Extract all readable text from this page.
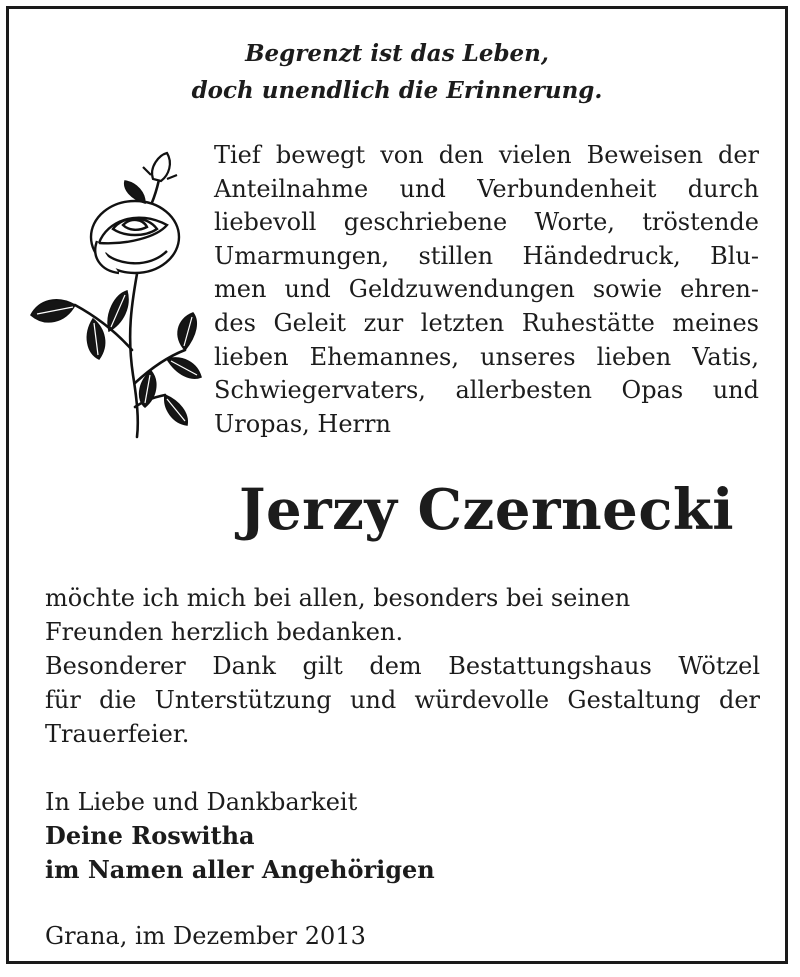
Begrenzt ist das Leben,
doch unendlich die Erinnerung.
Tief bewegt von den vielen Beweisen der
Anteilnahme und Verbundenheit durch
liebevoll geschriebene Worte, tröstende
Umarmungen, stillen Händedruck, Blu-
men und Geldzuwendungen sowie ehren-
des Geleit zur letzten Ruhestätte meines
lieben Ehemannes, unseres lieben Vatis,
Schwiegervaters, allerbesten Opas und
Uropas, Herrn
Jerzy Czernecki
möchte ich mich bei allen, besonders bei seinen
Freunden herzlich bedanken.
Besonderer Dank gilt dem Bestattungshaus Wötzel
für die Unterstützung und würdevolle Gestaltung der
Trauerfeier.
In Liebe und Dankbarkeit
Deine Roswitha
im Namen aller Angehörigen
Grana, im Dezember 2013
